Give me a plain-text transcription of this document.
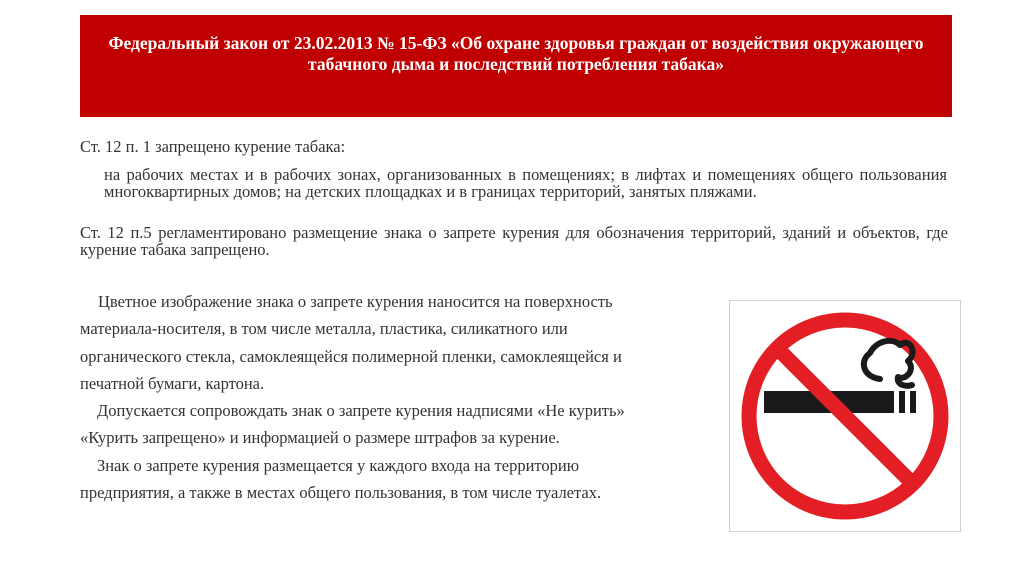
Федеральный закон от 23.02.2013 № 15-ФЗ «Об охране здоровья граждан от воздействия окружающего табачного дыма и последствий потребления табака»
Ст. 12 п. 1 запрещено курение табака:
на рабочих местах и в рабочих зонах, организованных в помещениях; в лифтах и помещениях общего пользования многоквартирных домов; на детских площадках и в границах территорий, занятых пляжами.
Ст. 12 п.5 регламентировано размещение знака о запрете курения для обозначения территорий, зданий и объектов, где курение табака запрещено.
Цветное изображение знака о запрете курения наносится на поверхность
материала-носителя, в том числе металла, пластика, силикатного или
органического стекла, самоклеящейся полимерной пленки, самоклеящейся и
печатной бумаги, картона.
Допускается сопровождать знак о запрете курения надписями «Не курить»
«Курить запрещено» и информацией о размере штрафов за курение.
Знак о запрете курения размещается у каждого входа на территорию
предприятия, а также в местах общего пользования, в том числе туалетах.
